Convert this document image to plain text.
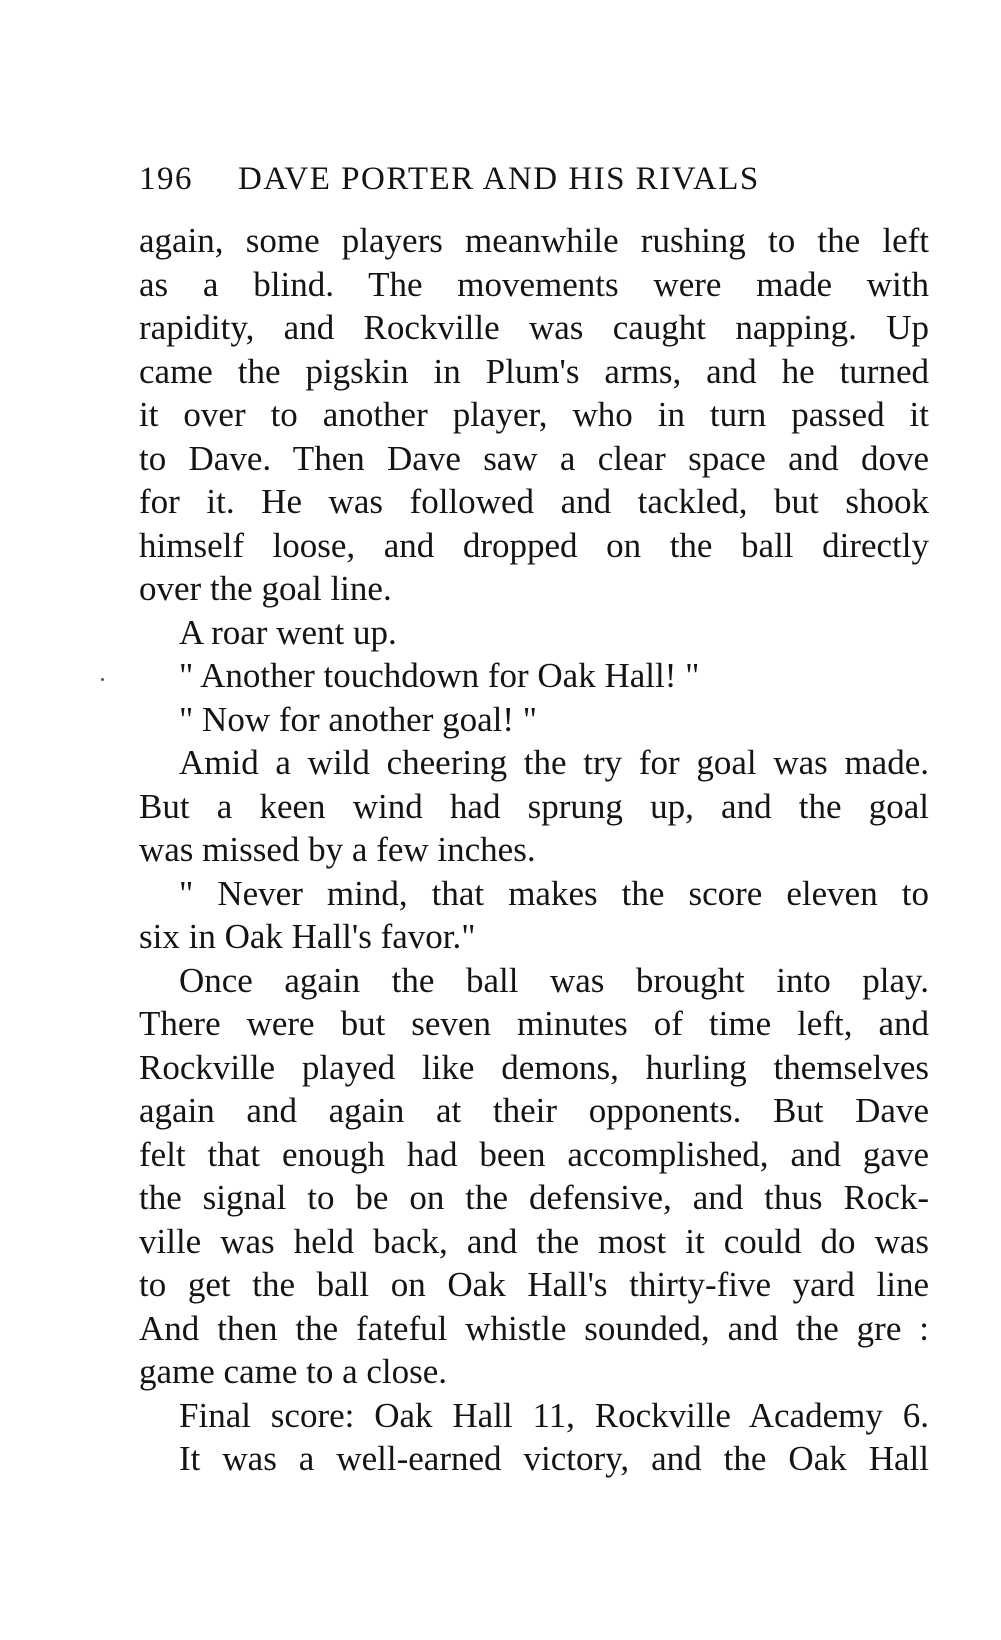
196 DAVE PORTER AND HIS RIVALS
again, some players meanwhile rushing to the left
as a blind. The movements were made with
rapidity, and Rockville was caught napping. Up
came the pigskin in Plum's arms, and he turned
it over to another player, who in turn passed it
to Dave. Then Dave saw a clear space and dove
for it. He was followed and tackled, but shook
himself loose, and dropped on the ball directly
over the goal line.
A roar went up.
" Another touchdown for Oak Hall! "
" Now for another goal! "
Amid a wild cheering the try for goal was made.
But a keen wind had sprung up, and the goal
was missed by a few inches.
" Never mind, that makes the score eleven to
six in Oak Hall's favor."
Once again the ball was brought into play.
There were but seven minutes of time left, and
Rockville played like demons, hurling themselves
again and again at their opponents. But Dave
felt that enough had been accomplished, and gave
the signal to be on the defensive, and thus Rock-
ville was held back, and the most it could do was
to get the ball on Oak Hall's thirty-five yard line
And then the fateful whistle sounded, and the gre :
game came to a close.
Final score: Oak Hall 11, Rockville Academy 6.
It was a well-earned victory, and the Oak Hall
